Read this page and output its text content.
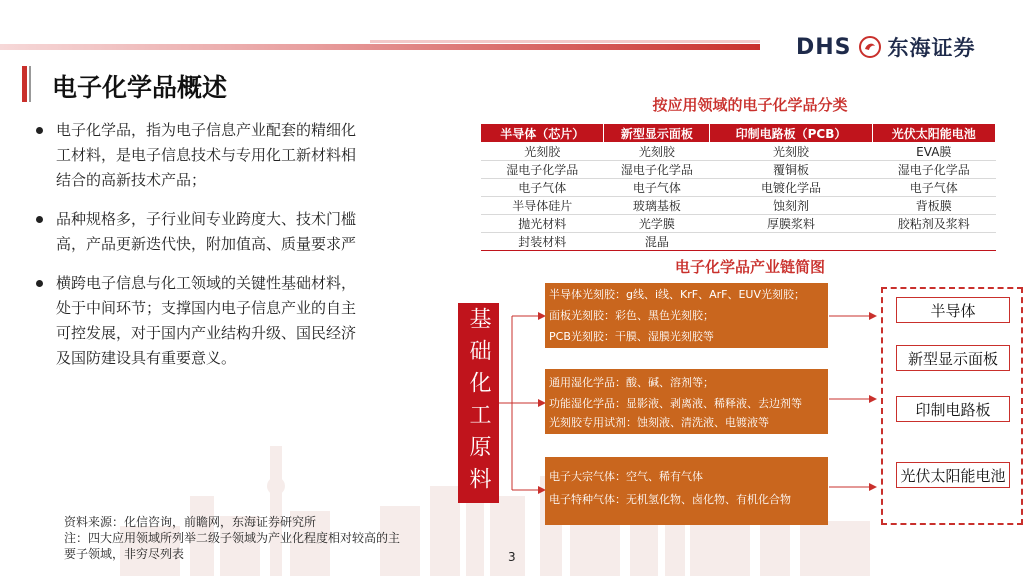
DHS 东海证券
电子化学品概述
电子化学品，指为电子信息产业配套的精细化工材料，是电子信息技术与专用化工新材料相结合的高新技术产品；
品种规格多，子行业间专业跨度大、技术门槛高，产品更新迭代快，附加值高、质量要求严
横跨电子信息与化工领域的关键性基础材料，处于中间环节；支撑国内电子信息产业的自主可控发展，对于国内产业结构升级、国民经济及国防建设具有重要意义。
按应用领域的电子化学品分类
半导体（芯片）	新型显示面板	印制电路板（PCB）	光伏太阳能电池
光刻胶	光刻胶	光刻胶	EVA膜
湿电子化学品	湿电子化学品	覆铜板	湿电子化学品
电子气体	电子气体	电镀化学品	电子气体
半导体硅片	玻璃基板	蚀刻剂	背板膜
抛光材料	光学膜	厚膜浆料	胶粘剂及浆料
封装材料	混晶		
电子化学品产业链简图
基础化工原料
半导体光刻胶：g线、i线、KrF、ArF、EUV光刻胶；
面板光刻胶：彩色、黑色光刻胶；
PCB光刻胶：干膜、湿膜光刻胶等
通用湿化学品：酸、碱、溶剂等；
功能湿化学品：显影液、剥离液、稀释液、去边剂等
光刻胶专用试剂：蚀刻液、清洗液、电镀液等
电子大宗气体：空气、稀有气体
电子特种气体：无机氢化物、卤化物、有机化合物
半导体
新型显示面板
印制电路板
光伏太阳能电池
资料来源：化信咨询，前瞻网，东海证券研究所
注：四大应用领域所列举二级子领域为产业化程度相对较高的主要子领域，非穷尽列表	3
